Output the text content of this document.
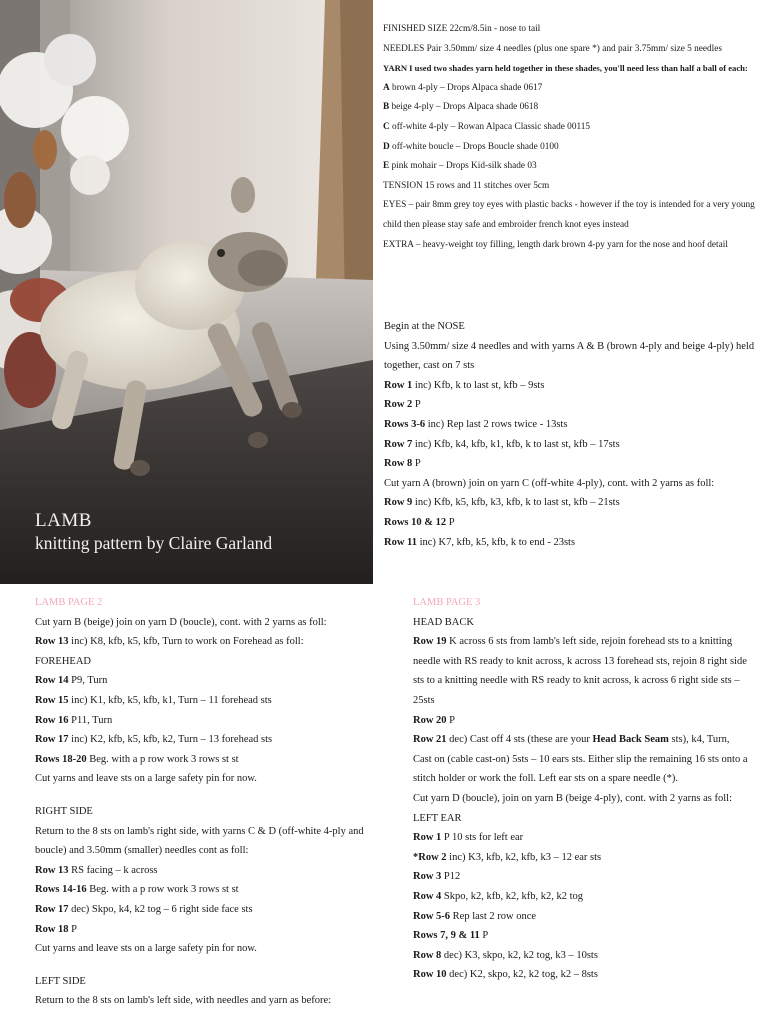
LAMB
knitting pattern by Claire Garland
FINISHED SIZE 22cm/8.5in - nose to tail
NEEDLES Pair 3.50mm/ size 4 needles (plus one spare *) and pair 3.75mm/ size 5 needles
YARN I used two shades yarn held together in these shades, you'll need less than half a ball of each:
A brown 4-ply – Drops Alpaca shade 0617
B beige 4-ply – Drops Alpaca shade 0618
C off-white 4-ply – Rowan Alpaca Classic shade 00115
D off-white boucle – Drops Boucle shade 0100
E pink mohair – Drops Kid-silk shade 03
TENSION 15 rows and 11 stitches over 5cm
EYES – pair 8mm grey toy eyes with plastic backs - however if the toy is intended for a very young child then please stay safe and embroider french knot eyes instead
EXTRA – heavy-weight toy filling, length dark brown 4-py yarn for the nose and hoof detail
Begin at the NOSE
Using 3.50mm/ size 4 needles and with yarns A & B (brown 4-ply and beige 4-ply) held together, cast on 7 sts
Row 1 inc) Kfb, k to last st, kfb – 9sts
Row 2 P
Rows 3-6 inc) Rep last 2 rows twice - 13sts
Row 7 inc) Kfb, k4, kfb, k1, kfb, k to last st, kfb – 17sts
Row 8 P
Cut yarn A (brown) join on yarn C (off-white 4-ply), cont. with 2 yarns as foll:
Row 9 inc) Kfb, k5, kfb, k3, kfb, k to last st, kfb – 21sts
Rows 10 & 12 P
Row 11 inc) K7, kfb, k5, kfb, k to end - 23sts
LAMB PAGE 2
Cut yarn B (beige) join on yarn D (boucle), cont. with 2 yarns as foll:
Row 13 inc) K8, kfb, k5, kfb, Turn to work on Forehead as foll:
FOREHEAD
Row 14 P9, Turn
Row 15 inc) K1, kfb, k5, kfb, k1, Turn – 11 forehead sts
Row 16 P11, Turn
Row 17 inc) K2, kfb, k5, kfb, k2, Turn – 13 forehead sts
Rows 18-20 Beg. with a p row work 3 rows st st
Cut yarns and leave sts on a large safety pin for now.
RIGHT SIDE
Return to the 8 sts on lamb's right side, with yarns C & D (off-white 4-ply and boucle) and 3.50mm (smaller) needles cont as foll:
Row 13 RS facing – k across
Rows 14-16 Beg. with a p row work 3 rows st st
Row 17 dec) Skpo, k4, k2 tog – 6 right side face sts
Row 18 P
Cut yarns and leave sts on a large safety pin for now.
LEFT SIDE
Return to the 8 sts on lamb's left side, with needles and yarn as before:
LAMB PAGE 3
HEAD BACK
Row 19 K across 6 sts from lamb's left side, rejoin forehead sts to a knitting needle with RS ready to knit across, k across 13 forehead sts, rejoin 8 right side sts to a knitting needle with RS ready to knit across, k across 6 right side sts – 25sts
Row 20 P
Row 21 dec) Cast off 4 sts (these are your Head Back Seam sts), k4, Turn, Cast on (cable cast-on) 5sts – 10 ears sts. Either slip the remaining 16 sts onto a stitch holder or work the foll. Left ear sts on a spare needle (*).
Cut yarn D (boucle), join on yarn B (beige 4-ply), cont. with 2 yarns as foll:
LEFT EAR
Row 1 P 10 sts for left ear
*Row 2 inc) K3, kfb, k2, kfb, k3 – 12 ear sts
Row 3 P12
Row 4 Skpo, k2, kfb, k2, kfb, k2, k2 tog
Row 5-6 Rep last 2 row once
Rows 7, 9 & 11 P
Row 8 dec) K3, skpo, k2, k2 tog, k3 – 10sts
Row 10 dec) K2, skpo, k2, k2 tog, k2 – 8sts
